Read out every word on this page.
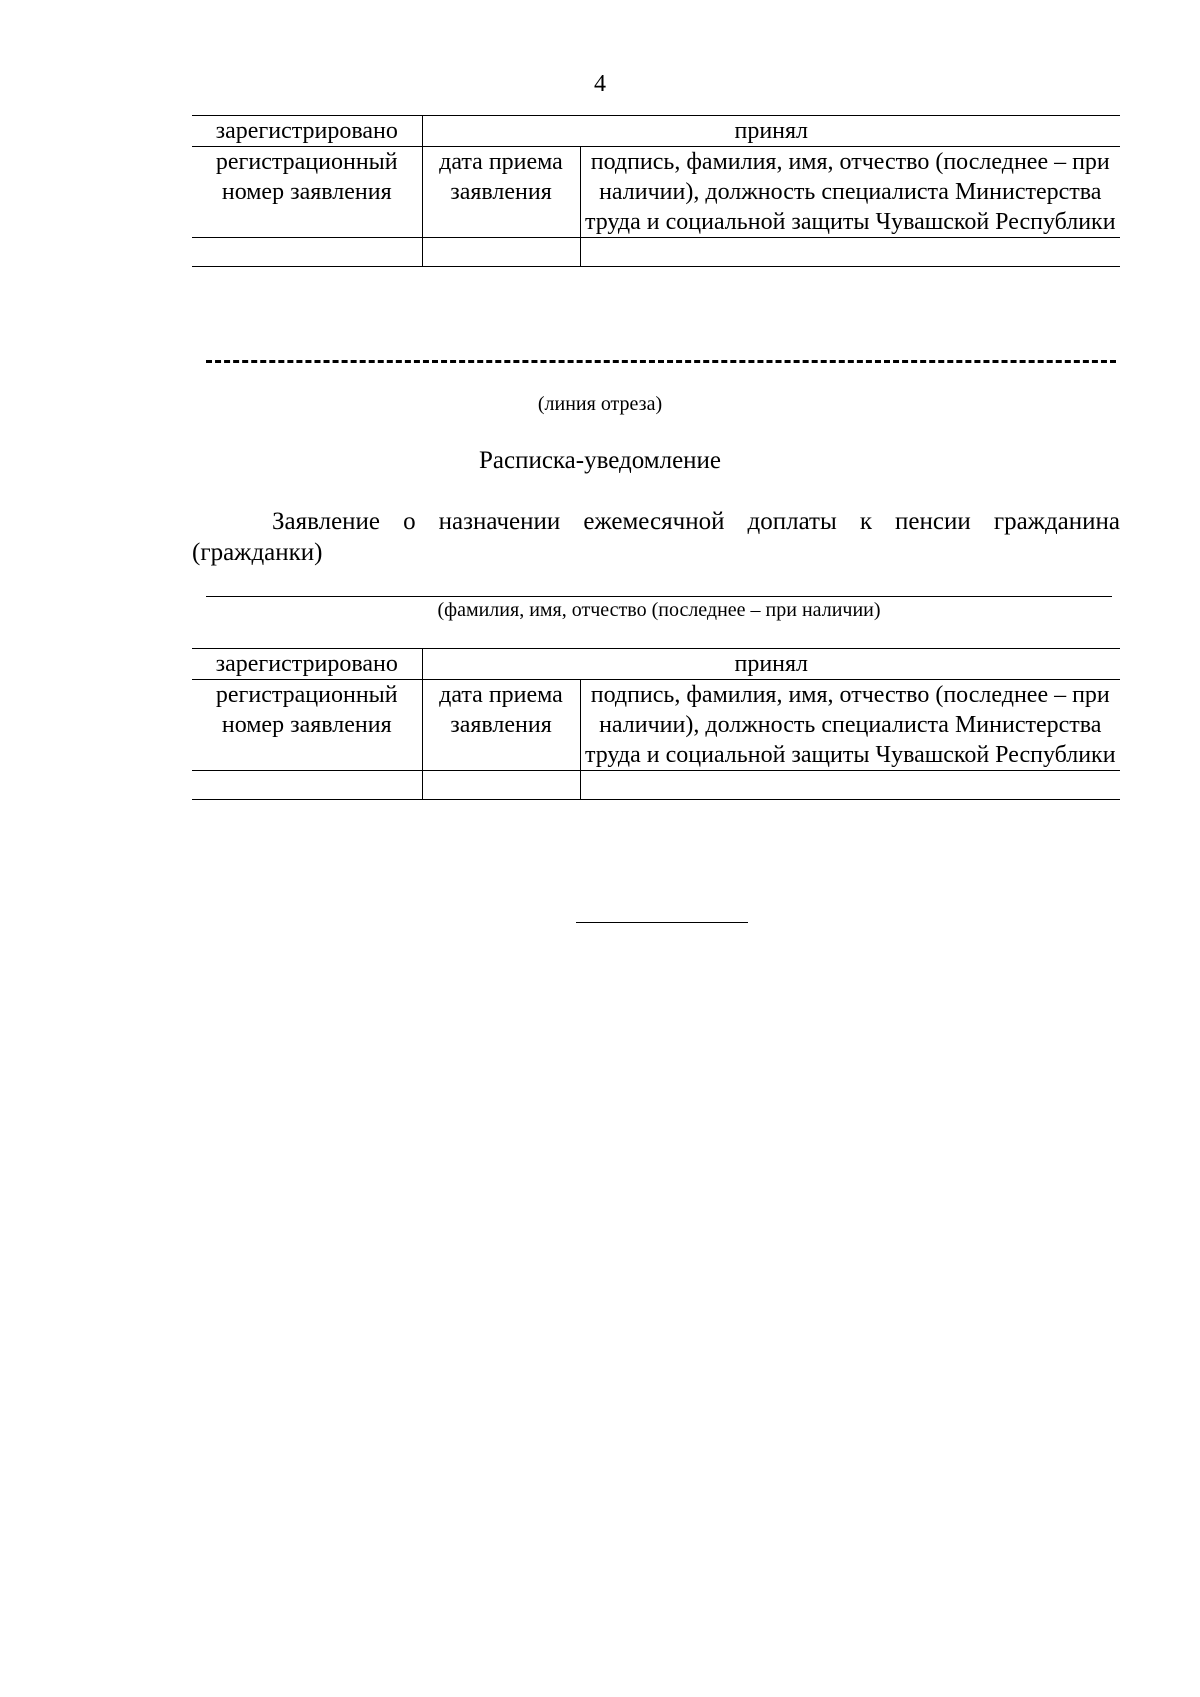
4
зарегистрировано	принял	
регистрационный номер заявления	дата приема заявления	подпись, фамилия, имя, отчество (последнее – при наличии), должность специалиста Министерства труда и социальной защиты Чувашской Республики

(линия отреза)
Расписка-уведомление

Заявление о назначении ежемесячной доплаты к пенсии гражданина (гражданки)

(фамилия, имя, отчество (последнее – при наличии)
зарегистрировано	принял	
регистрационный номер заявления	дата приема заявления	подпись, фамилия, имя, отчество (последнее – при наличии), должность специалиста Министерства труда и социальной защиты Чувашской Республики
